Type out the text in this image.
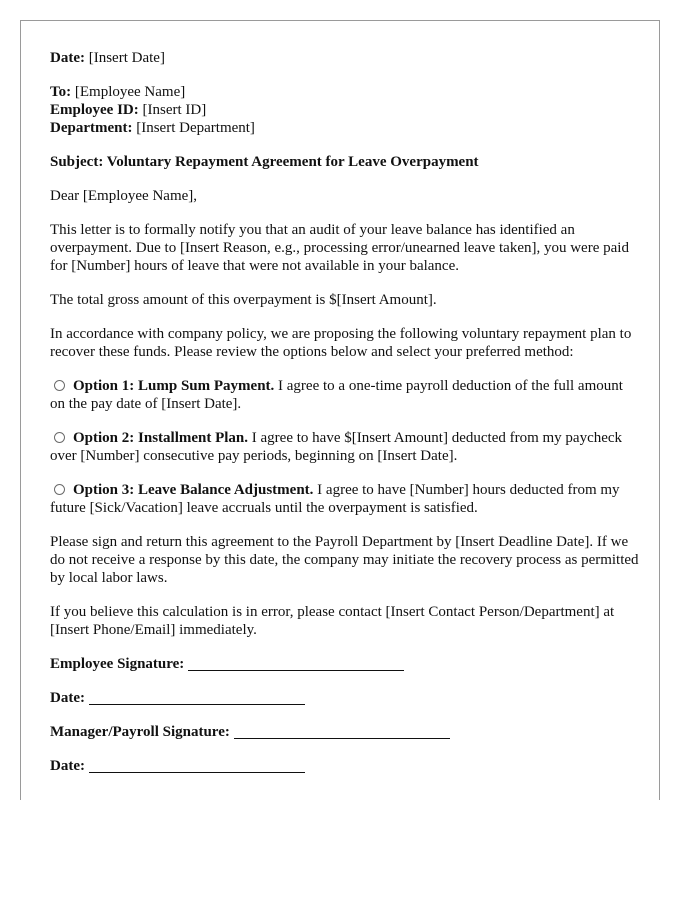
Date: [Insert Date]

To: [Employee Name]

Employee ID: [Insert ID]

Department: [Insert Department]

Subject: Voluntary Repayment Agreement for Leave Overpayment

Dear [Employee Name],

This letter is to formally notify you that an audit of your leave balance has identified an overpayment. Due to [Insert Reason, e.g., processing error/unearned leave taken], you were paid for [Number] hours of leave that were not available in your balance.

The total gross amount of this overpayment is $[Insert Amount].

In accordance with company policy, we are proposing the following voluntary repayment plan to recover these funds. Please review the options below and select your preferred method:

Option 1: Lump Sum Payment. I agree to a one-time payroll deduction of the full amount on the pay date of [Insert Date].

Option 2: Installment Plan. I agree to have $[Insert Amount] deducted from my paycheck over [Number] consecutive pay periods, beginning on [Insert Date].

Option 3: Leave Balance Adjustment. I agree to have [Number] hours deducted from my future [Sick/Vacation] leave accruals until the overpayment is satisfied.

Please sign and return this agreement to the Payroll Department by [Insert Deadline Date]. If we do not receive a response by this date, the company may initiate the recovery process as permitted by local labor laws.

If you believe this calculation is in error, please contact [Insert Contact Person/Department] at [Insert Phone/Email] immediately.

Employee Signature:
Date:
Manager/Payroll Signature:
Date:
